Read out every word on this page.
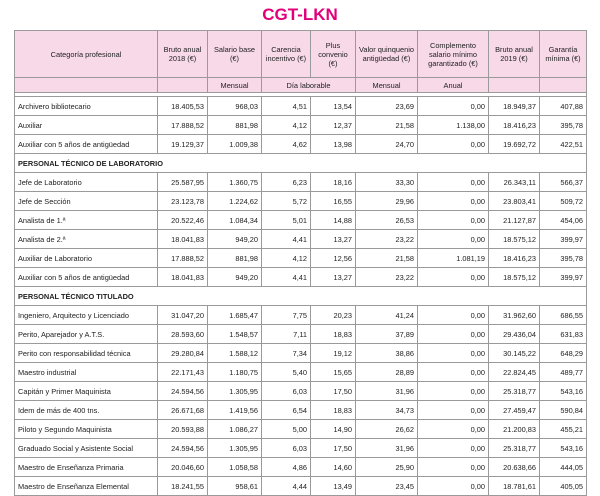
CGT-LKN
Categoría profesional	Bruto anual 2018 (€)	Salario base (€)	Carencia incentivo (€)	Plus convenio (€)	Valor quinquenio antigüedad (€)	Complemento salario mínimo garantizado (€)	Bruto anual 2019 (€)	Garantía mínima (€)
		Mensual	Día laborable		Mensual	Anual		

Archivero bibliotecario	18.405,53	968,03	4,51	13,54	23,69	0,00	18.949,37	407,88
Auxiliar	17.888,52	881,98	4,12	12,37	21,58	1.138,00	18.416,23	395,78
Auxiliar con 5 años de antigüedad	19.129,37	1.009,38	4,62	13,98	24,70	0,00	19.692,72	422,51
PERSONAL TÉCNICO DE LABORATORIO								
Jefe de Laboratorio	25.587,95	1.360,75	6,23	18,16	33,30	0,00	26.343,11	566,37
Jefe de Sección	23.123,78	1.224,62	5,72	16,55	29,96	0,00	23.803,41	509,72
Analista de 1.ª	20.522,46	1.084,34	5,01	14,88	26,53	0,00	21.127,87	454,06
Analista de 2.ª	18.041,83	949,20	4,41	13,27	23,22	0,00	18.575,12	399,97
Auxiliar de Laboratorio	17.888,52	881,98	4,12	12,56	21,58	1.081,19	18.416,23	395,78
Auxiliar con 5 años de antigüedad	18.041,83	949,20	4,41	13,27	23,22	0,00	18.575,12	399,97
PERSONAL TÉCNICO TITULADO								
Ingeniero, Arquitecto y Licenciado	31.047,20	1.685,47	7,75	20,23	41,24	0,00	31.962,60	686,55
Perito, Aparejador y A.T.S.	28.593,60	1.548,57	7,11	18,83	37,89	0,00	29.436,04	631,83
Perito con responsabilidad técnica	29.280,84	1.588,12	7,34	19,12	38,86	0,00	30.145,22	648,29
Maestro industrial	22.171,43	1.180,75	5,40	15,65	28,89	0,00	22.824,45	489,77
Capitán y Primer Maquinista	24.594,56	1.305,95	6,03	17,50	31,96	0,00	25.318,77	543,16
Idem de más de 400 tns.	26.671,68	1.419,56	6,54	18,83	34,73	0,00	27.459,47	590,84
Piloto y Segundo Maquinista	20.593,88	1.086,27	5,00	14,90	26,62	0,00	21.200,83	455,21
Graduado Social y Asistente Social	24.594,56	1.305,95	6,03	17,50	31,96	0,00	25.318,77	543,16
Maestro de Enseñanza Primaria	20.046,60	1.058,58	4,86	14,60	25,90	0,00	20.638,66	444,05
Maestro de Enseñanza Elemental	18.241,55	958,61	4,44	13,49	23,45	0,00	18.781,61	405,05
